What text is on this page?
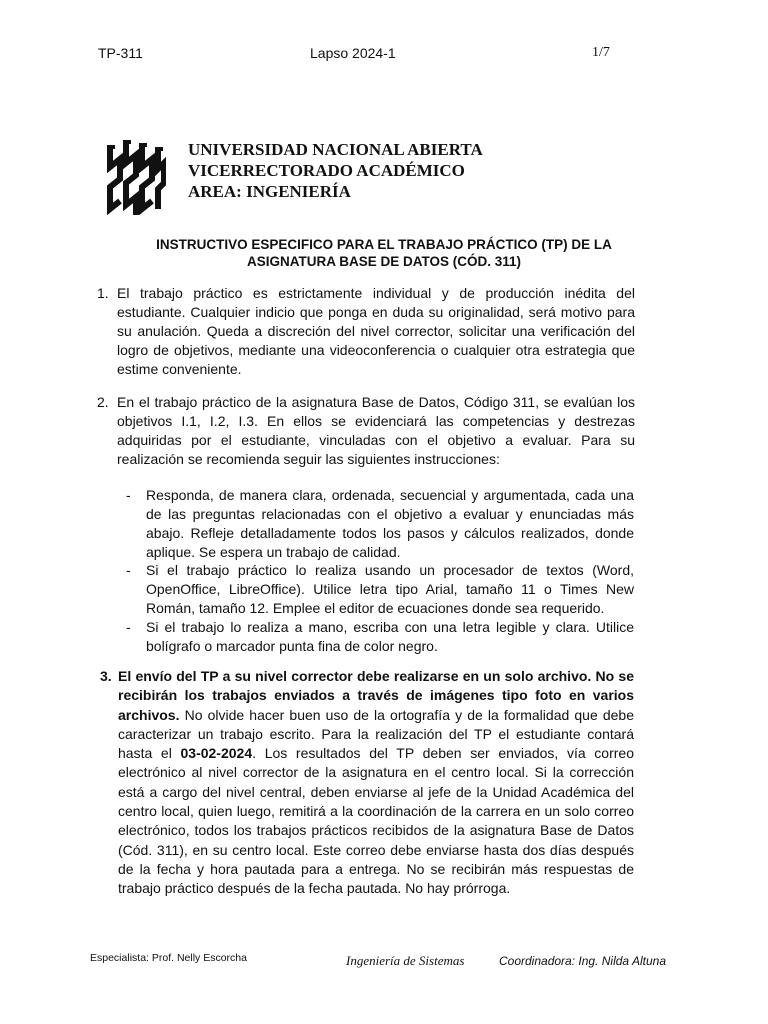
TP-311	Lapso 2024-1	1/7
UNIVERSIDAD NACIONAL ABIERTA
VICERRECTORADO ACADÉMICO
AREA: INGENIERÍA
INSTRUCTIVO ESPECIFICO PARA EL TRABAJO PRÁCTICO (TP) DE LA
ASIGNATURA BASE DE DATOS (CÓD. 311)
1. El trabajo práctico es estrictamente individual y de producción inédita del estudiante. Cualquier indicio que ponga en duda su originalidad, será motivo para su anulación. Queda a discreción del nivel corrector, solicitar una verificación del logro de objetivos, mediante una videoconferencia o cualquier otra estrategia que estime conveniente.
2. En el trabajo práctico de la asignatura Base de Datos, Código 311, se evalúan los objetivos I.1, I.2, I.3. En ellos se evidenciará las competencias y destrezas adquiridas por el estudiante, vinculadas con el objetivo a evaluar. Para su realización se recomienda seguir las siguientes instrucciones:
- Responda, de manera clara, ordenada, secuencial y argumentada, cada una de las preguntas relacionadas con el objetivo a evaluar y enunciadas más abajo. Refleje detalladamente todos los pasos y cálculos realizados, donde aplique. Se espera un trabajo de calidad.
- Si el trabajo práctico lo realiza usando un procesador de textos (Word, OpenOffice, LibreOffice). Utilice letra tipo Arial, tamaño 11 o Times New Román, tamaño 12. Emplee el editor de ecuaciones donde sea requerido.
- Si el trabajo lo realiza a mano, escriba con una letra legible y clara. Utilice bolígrafo o marcador punta fina de color negro.
3. El envío del TP a su nivel corrector debe realizarse en un solo archivo. No se recibirán los trabajos enviados a través de imágenes tipo foto en varios archivos. No olvide hacer buen uso de la ortografía y de la formalidad que debe caracterizar un trabajo escrito. Para la realización del TP el estudiante contará hasta el 03-02-2024. Los resultados del TP deben ser enviados, vía correo electrónico al nivel corrector de la asignatura en el centro local. Si la corrección está a cargo del nivel central, deben enviarse al jefe de la Unidad Académica del centro local, quien luego, remitirá a la coordinación de la carrera en un solo correo electrónico, todos los trabajos prácticos recibidos de la asignatura Base de Datos (Cód. 311), en su centro local. Este correo debe enviarse hasta dos días después de la fecha y hora pautada para a entrega. No se recibirán más respuestas de trabajo práctico después de la fecha pautada. No hay prórroga.
Especialista: Prof. Nelly Escorcha	Ingeniería de Sistemas	Coordinadora: Ing. Nilda Altuna
